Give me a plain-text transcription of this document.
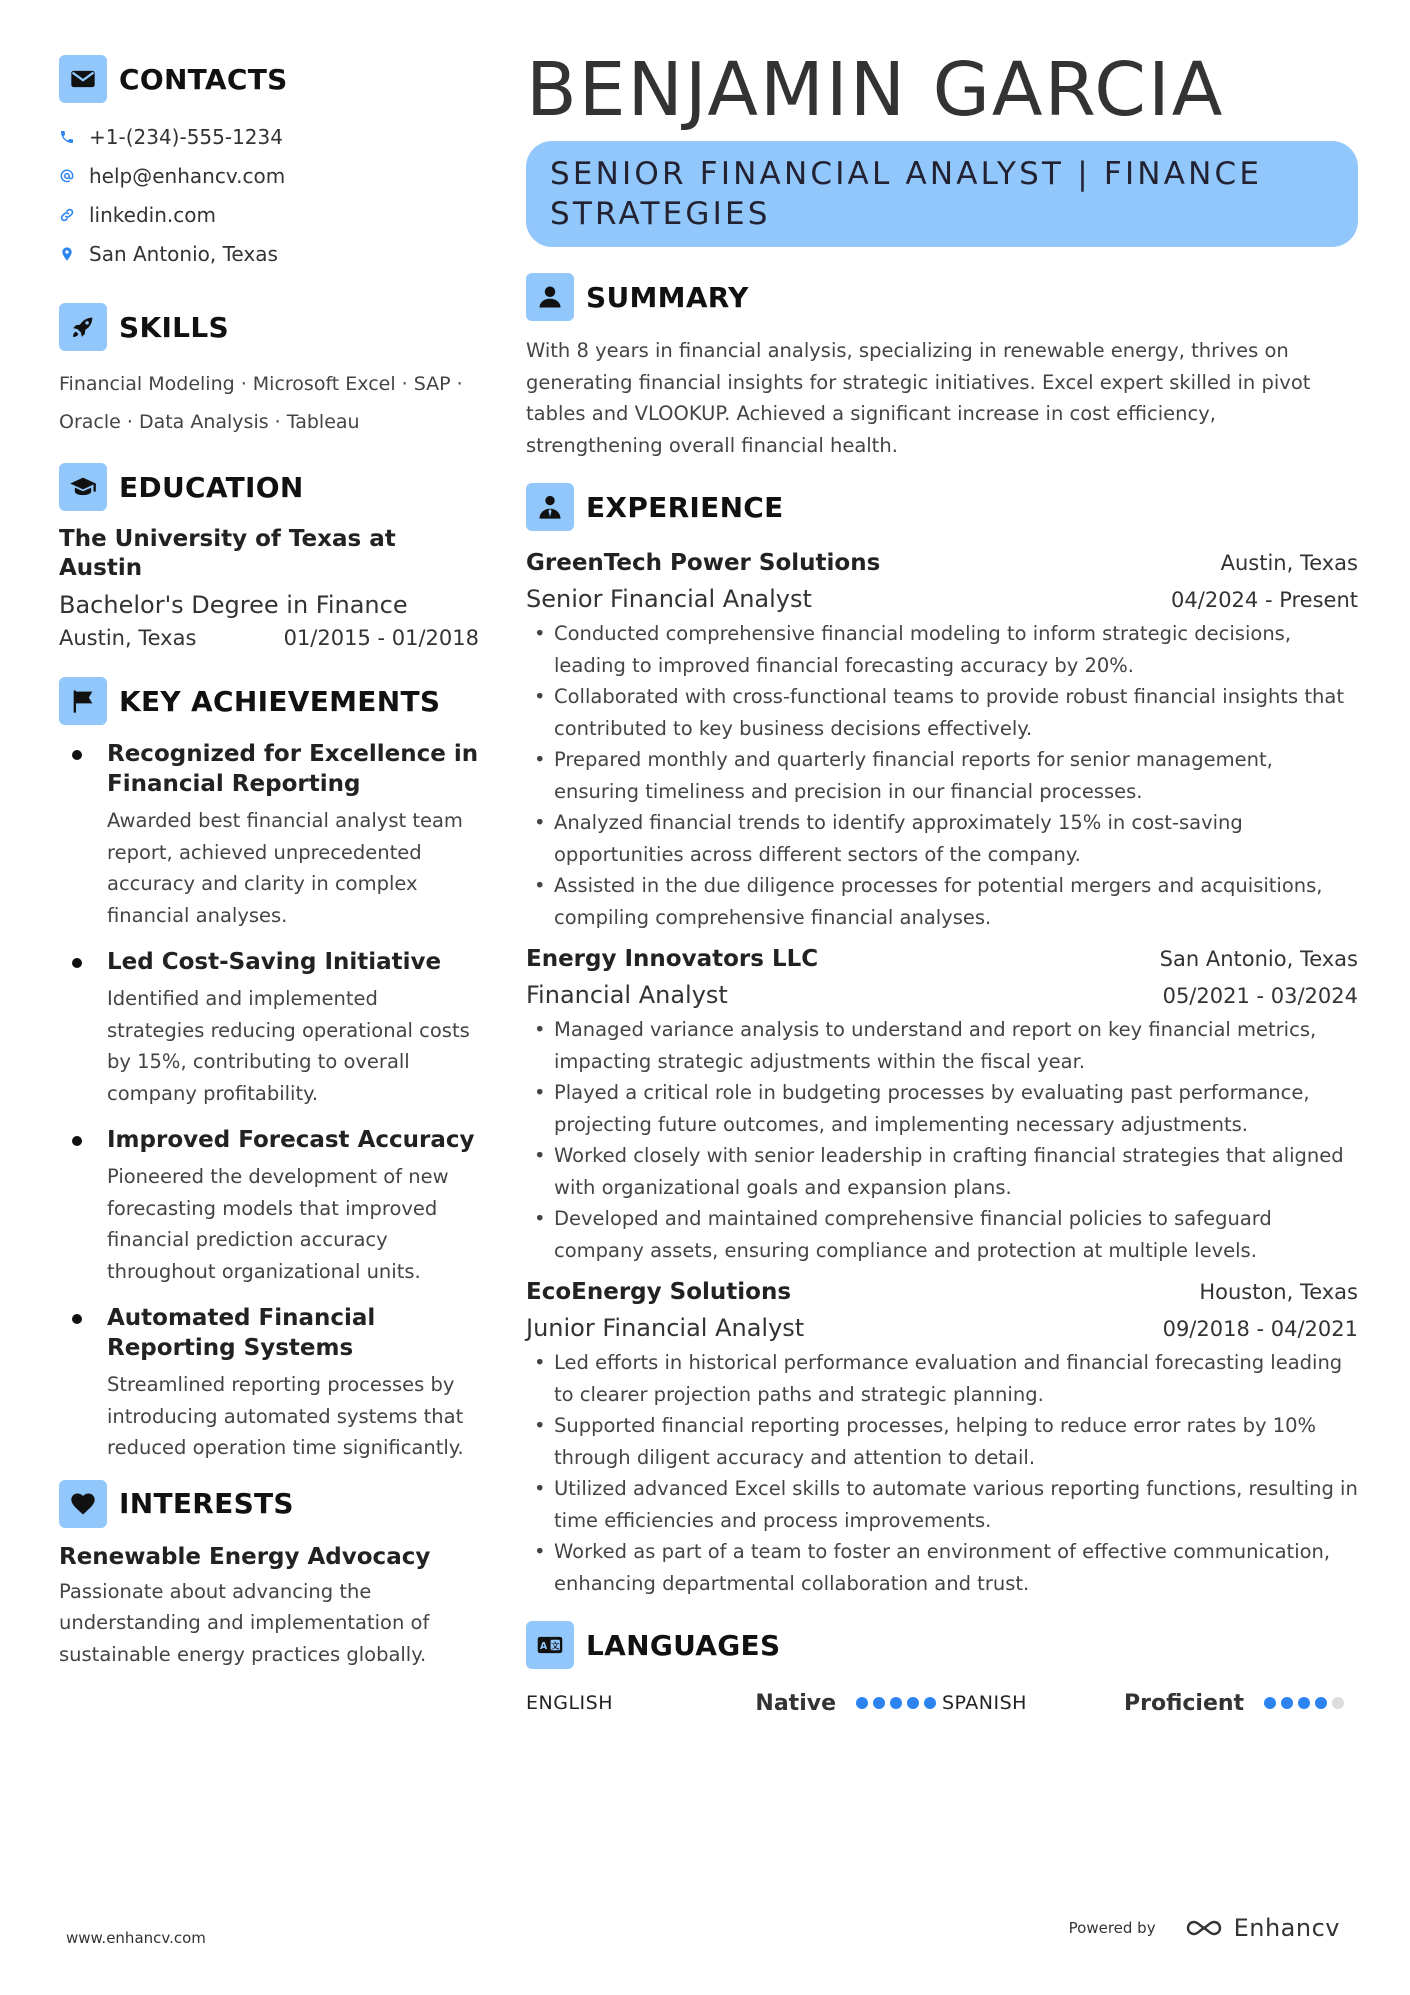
CONTACTS
+1-(234)-555-1234
help@enhancv.com
linkedin.com
San Antonio, Texas
SKILLS
Financial Modeling · Microsoft Excel · SAP · Oracle · Data Analysis · Tableau
EDUCATION
The University of Texas at Austin
Bachelor's Degree in Finance
Austin, Texas	01/2015 - 01/2018
KEY ACHIEVEMENTS
Recognized for Excellence in Financial Reporting
Awarded best financial analyst team report, achieved unprecedented accuracy and clarity in complex financial analyses.
Led Cost-Saving Initiative
Identified and implemented strategies reducing operational costs by 15%, contributing to overall company profitability.
Improved Forecast Accuracy
Pioneered the development of new forecasting models that improved financial prediction accuracy throughout organizational units.
Automated Financial Reporting Systems
Streamlined reporting processes by introducing automated systems that reduced operation time significantly.
INTERESTS
Renewable Energy Advocacy
Passionate about advancing the understanding and implementation of sustainable energy practices globally.
BENJAMIN GARCIA
SENIOR FINANCIAL ANALYST | FINANCE
STRATEGIES
SUMMARY
With 8 years in financial analysis, specializing in renewable energy, thrives on generating financial insights for strategic initiatives. Excel expert skilled in pivot tables and VLOOKUP. Achieved a significant increase in cost efficiency, strengthening overall financial health.
EXPERIENCE
GreenTech Power Solutions	Austin, Texas
Senior Financial Analyst	04/2024 - Present
• Conducted comprehensive financial modeling to inform strategic decisions, leading to improved financial forecasting accuracy by 20%.
• Collaborated with cross-functional teams to provide robust financial insights that contributed to key business decisions effectively.
• Prepared monthly and quarterly financial reports for senior management, ensuring timeliness and precision in our financial processes.
• Analyzed financial trends to identify approximately 15% in cost-saving opportunities across different sectors of the company.
• Assisted in the due diligence processes for potential mergers and acquisitions, compiling comprehensive financial analyses.
Energy Innovators LLC	San Antonio, Texas
Financial Analyst	05/2021 - 03/2024
• Managed variance analysis to understand and report on key financial metrics, impacting strategic adjustments within the fiscal year.
• Played a critical role in budgeting processes by evaluating past performance, projecting future outcomes, and implementing necessary adjustments.
• Worked closely with senior leadership in crafting financial strategies that aligned with organizational goals and expansion plans.
• Developed and maintained comprehensive financial policies to safeguard company assets, ensuring compliance and protection at multiple levels.
EcoEnergy Solutions	Houston, Texas
Junior Financial Analyst	09/2018 - 04/2021
• Led efforts in historical performance evaluation and financial forecasting leading to clearer projection paths and strategic planning.
• Supported financial reporting processes, helping to reduce error rates by 10% through diligent accuracy and attention to detail.
• Utilized advanced Excel skills to automate various reporting functions, resulting in time efficiencies and process improvements.
• Worked as part of a team to foster an environment of effective communication, enhancing departmental collaboration and trust.
A 文 LANGUAGES
ENGLISH	Native	SPANISH	Proficient
www.enhancv.com
Powered by	Enhancv
